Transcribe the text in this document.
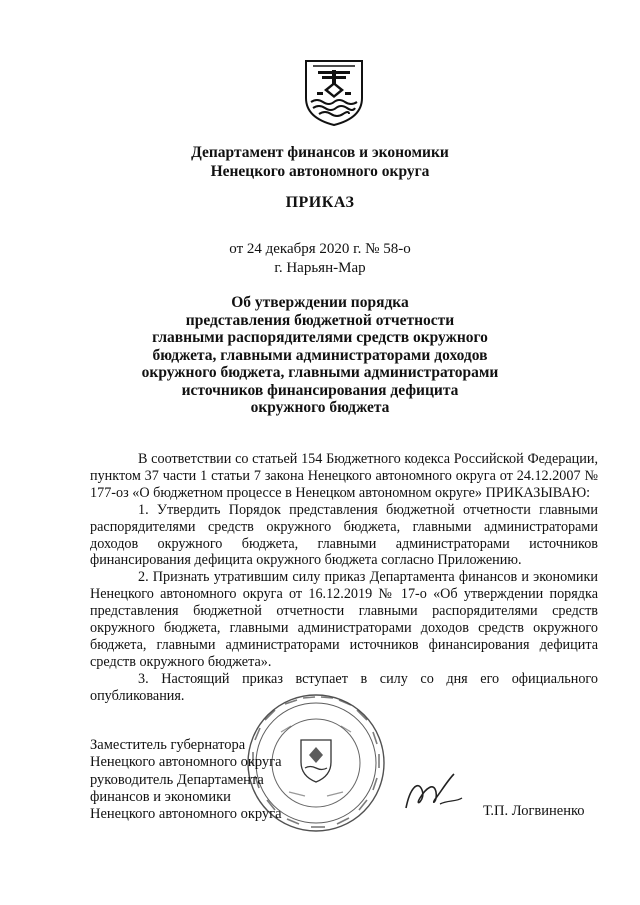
Департамент финансов и экономики
Ненецкого автономного округа
ПРИКАЗ
от 24 декабря 2020 г. № 58-о
г. Нарьян-Мар
Об утверждении порядка
представления бюджетной отчетности
главными распорядителями средств окружного
бюджета, главными администраторами доходов
окружного бюджета, главными администраторами
источников финансирования дефицита
окружного бюджета

В соответствии со статьей 154 Бюджетного кодекса Российской Федерации, пунктом 37 части 1 статьи 7 закона Ненецкого автономного округа от 24.12.2007 № 177-оз «О бюджетном процессе в Ненецком автономном округе» ПРИКАЗЫВАЮ:

1. Утвердить Порядок представления бюджетной отчетности главными распорядителями средств окружного бюджета, главными администраторами доходов окружного бюджета, главными администраторами источников финансирования дефицита окружного бюджета согласно Приложению.

2. Признать утратившим силу приказ Департамента финансов и экономики Ненецкого автономного округа от 16.12.2019 № 17-о «Об утверждении порядка представления бюджетной отчетности главными распорядителями средств окружного бюджета, главными администраторами доходов средств окружного бюджета, главными администраторами источников финансирования дефицита средств окружного бюджета».

3. Настоящий приказ вступает в силу со дня его официального опубликования.

Заместитель губернатора
Ненецкого автономного округа
руководитель Департамента
финансов и экономики
Ненецкого автономного округа	Т.П. Логвиненко
